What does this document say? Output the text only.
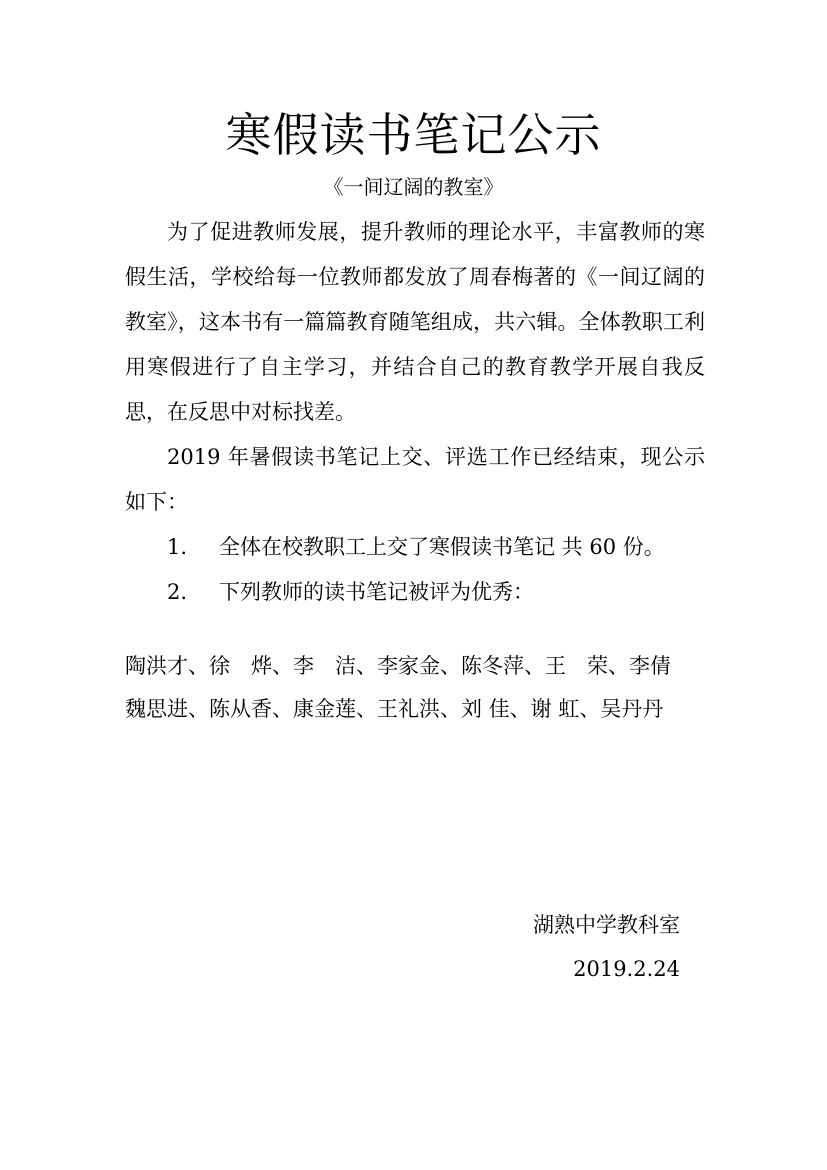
寒假读书笔记公示
《一间辽阔的教室》

为了促进教师发展，提升教师的理论水平，丰富教师的寒假生活，学校给每一位教师都发放了周春梅著的《一间辽阔的教室》，这本书有一篇篇教育随笔组成，共六辑。全体教职工利用寒假进行了自主学习，并结合自己的教育教学开展自我反思，在反思中对标找差。

2019 年暑假读书笔记上交、评选工作已经结束，现公示如下：

1. 全体在校教职工上交了寒假读书笔记 共 60 份。

2. 下列教师的读书笔记被评为优秀：

陶洪才、徐　烨、李　洁、李家金、陈冬萍、王　荣、李倩

魏思进、陈从香、康金莲、王礼洪、刘 佳、谢 虹、吴丹丹

湖熟中学教科室

2019.2.24
